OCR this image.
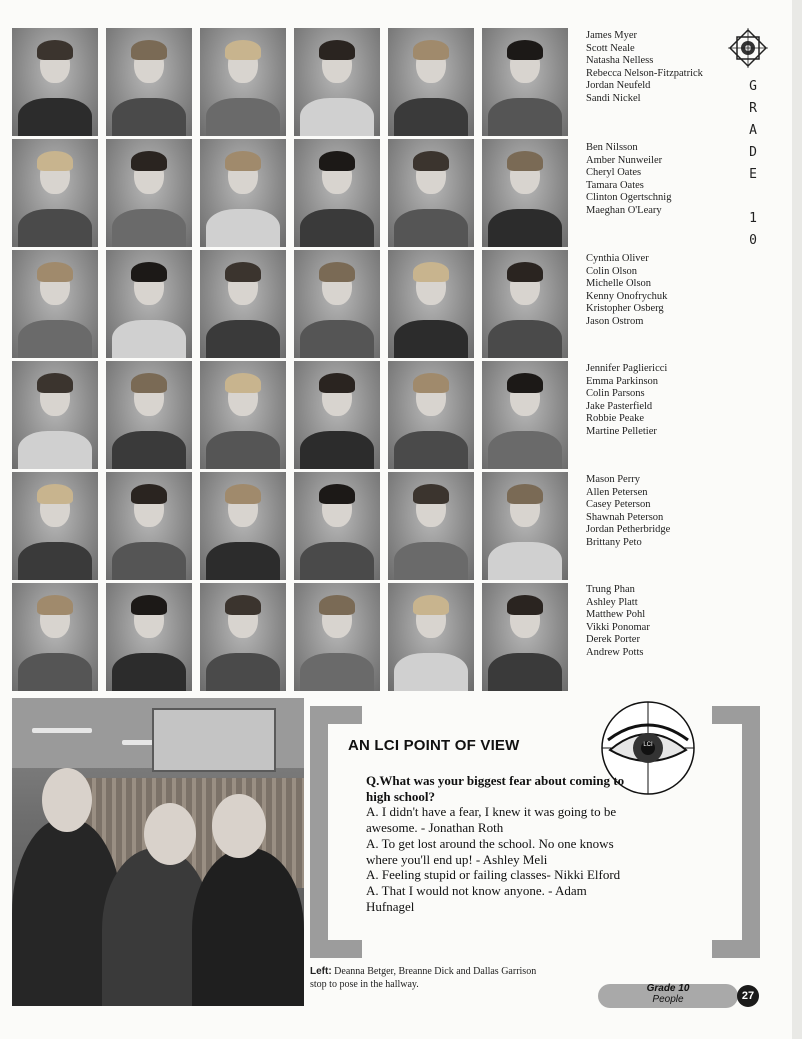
James Myer
Scott Neale
Natasha Nelless
Rebecca Nelson-Fitzpatrick
Jordan Neufeld
Sandi Nickel
Ben Nilsson
Amber Nunweiler
Cheryl Oates
Tamara Oates
Clinton Ogertschnig
Maeghan O'Leary
Cynthia Oliver
Colin Olson
Michelle Olson
Kenny Onofrychuk
Kristopher Osberg
Jason Ostrom
Jennifer Pagliericci
Emma Parkinson
Colin Parsons
Jake Pasterfield
Robbie Peake
Martine Pelletier
Mason Perry
Allen Petersen
Casey Peterson
Shawnah Peterson
Jordan Petherbridge
Brittany Peto
Trung Phan
Ashley Platt
Matthew Pohl
Vikki Ponomar
Derek Porter
Andrew Potts
G
R
A
D
E
1
0
AN LCI POINT OF VIEW	LCI
Q.What was your biggest fear about coming to high school?
A. I didn't have a fear, I knew it was going to be awesome. - Jonathan Roth
A. To get lost around the school. No one knows where you'll end up! - Ashley Meli
A. Feeling stupid or failing classes- Nikki Elford
A. That I would not know anyone. - Adam Hufnagel
Left: Deanna Betger, Breanne Dick and Dallas Garrison stop to pose in the hallway.	Grade 10
People	27
